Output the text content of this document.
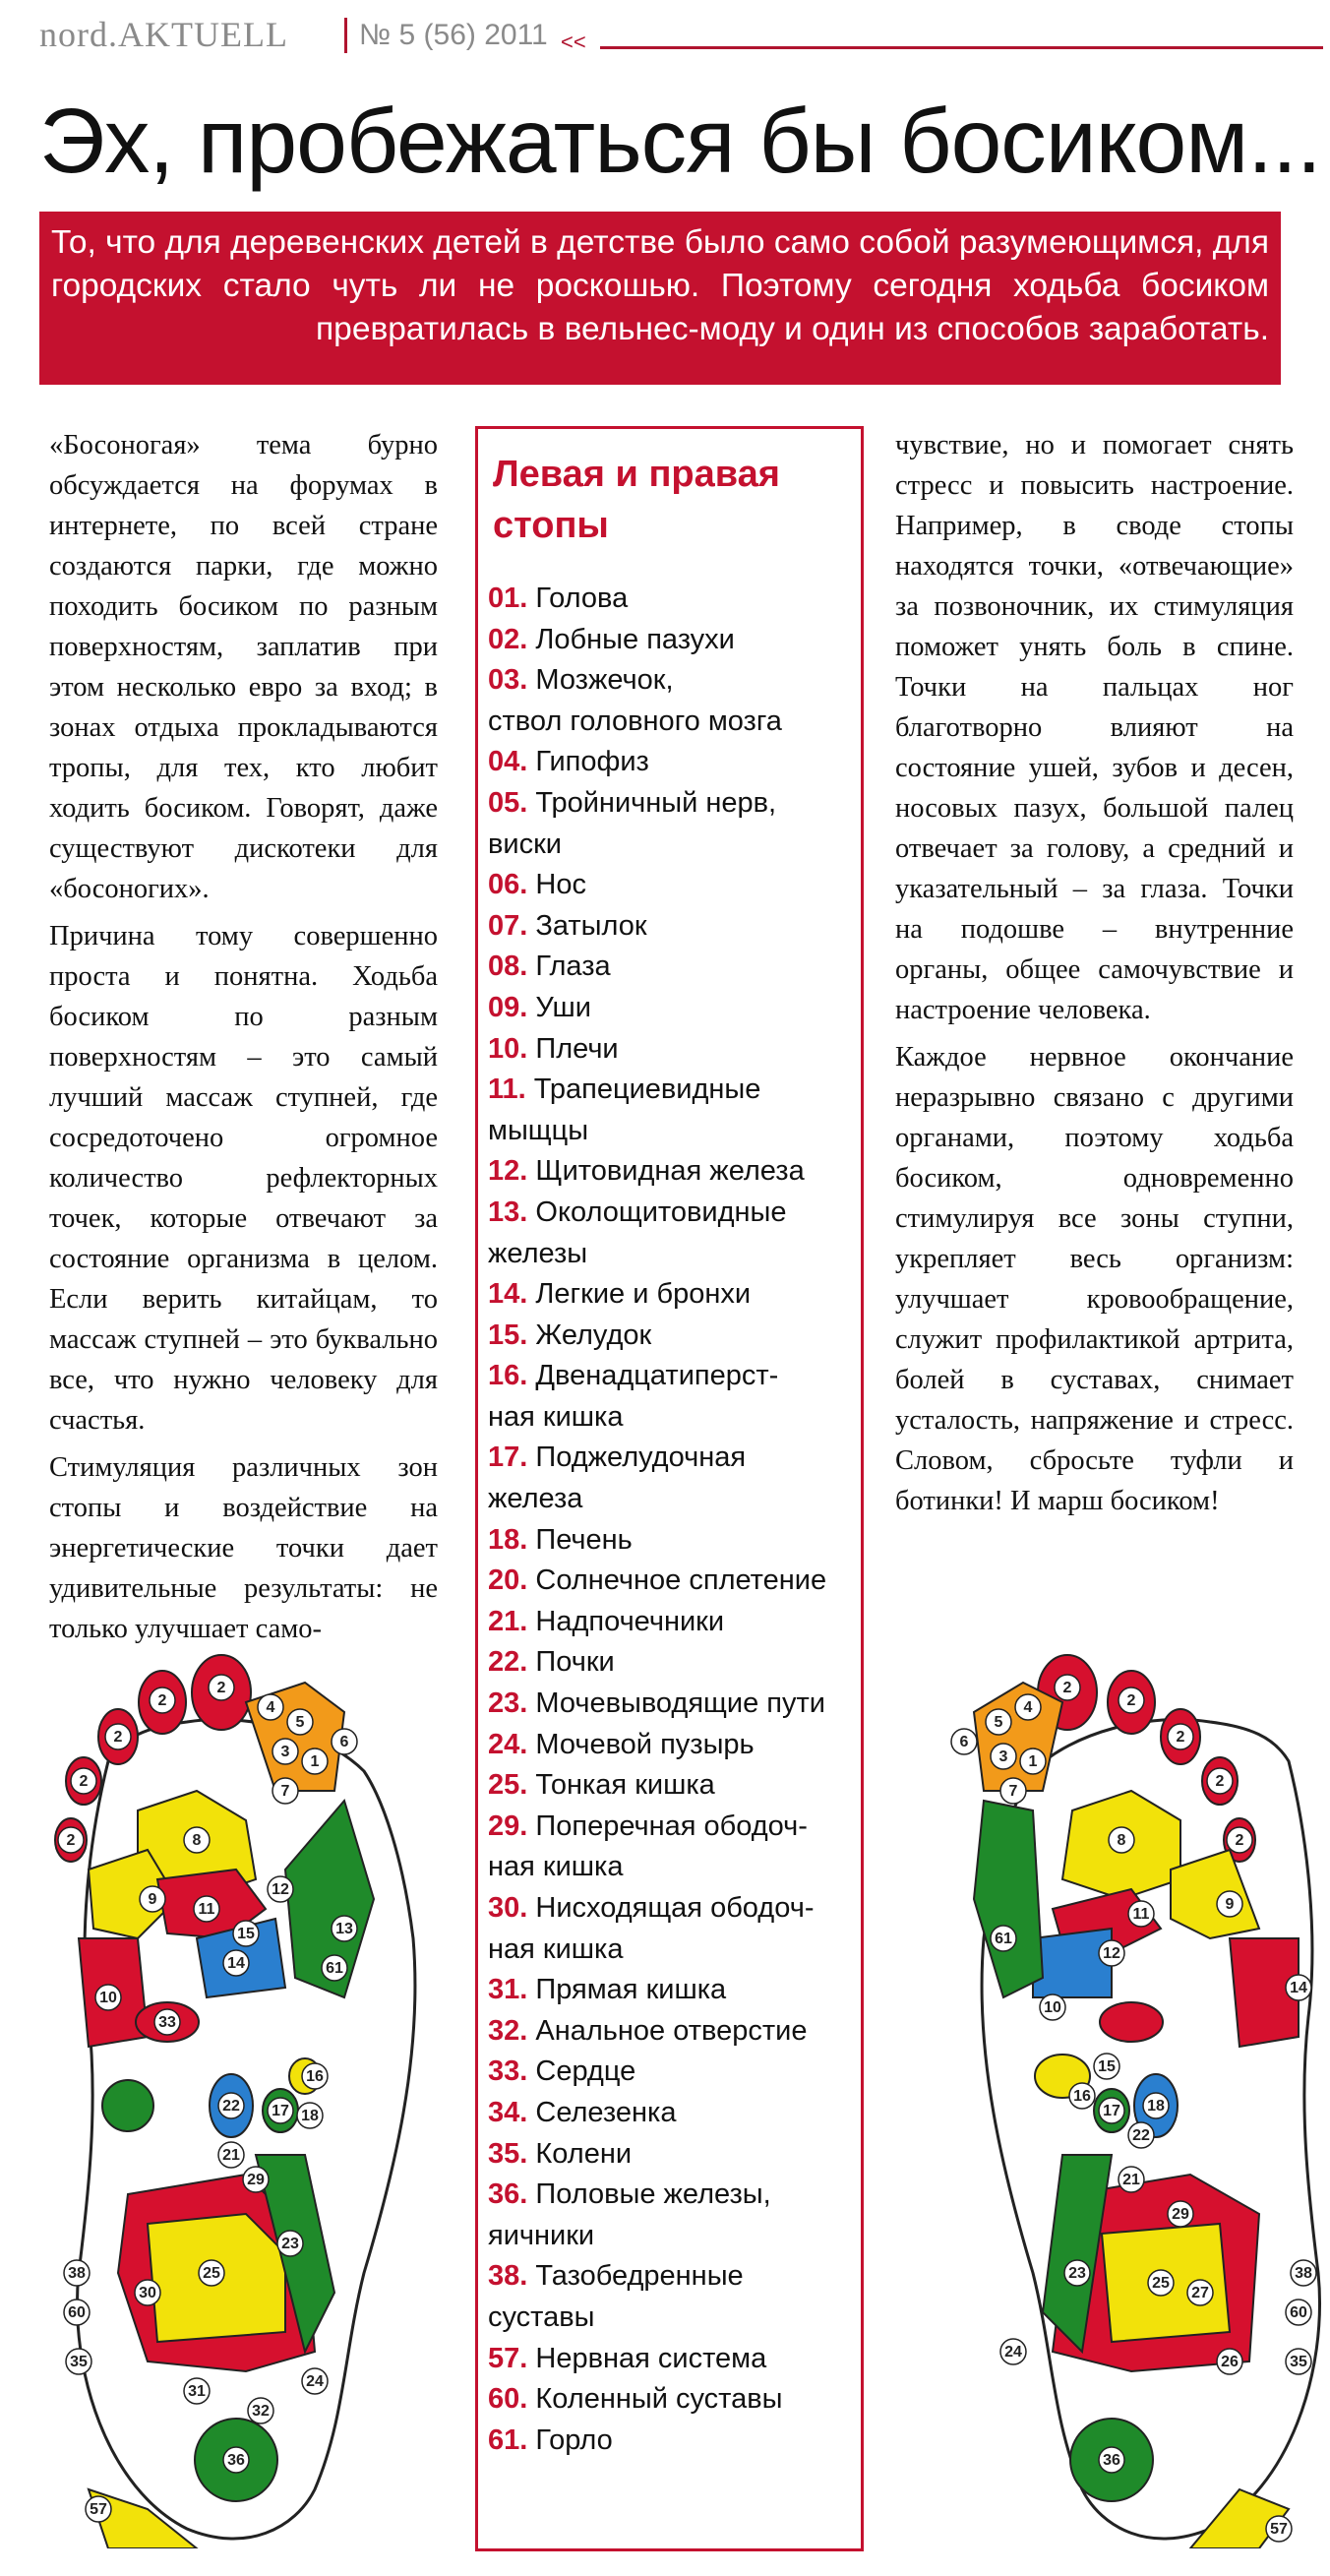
nord.AKTUELL	№ 5 (56) 2011 <<
Эх, пробежаться бы босиком...
То, что для деревенских детей в детстве было само собой разумеющимся, для городских стало чуть ли не роскошью. Поэтому сегодня ходьба босиком превратилась в вельнес-моду и один из способов заработать.

«Босоногая» тема бурно обсуждается на форумах в интернете, по всей стране создаются парки, где можно походить босиком по разным поверхностям, заплатив при этом несколько евро за вход; в зонах отдыха прокладываются тропы, для тех, кто любит ходить босиком. Говорят, даже существуют дискотеки для «босоногих».

Причина тому совершенно проста и понятна. Ходьба босиком по разным поверхностям – это самый лучший массаж ступней, где сосредоточено огромное количество рефлекторных точек, которые отвечают за состояние организма в целом. Если верить китайцам, то массаж ступней – это буквально все, что нужно человеку для счастья.

Стимуляция различных зон стопы и воздействие на энергетические точки дает удивительные результаты: не только улучшает само-

Левая и правая стопы
01. Голова
02. Лобные пазухи
03. Мозжечок,
ствол головного мозга
04. Гипофиз
05. Тройничный нерв,
виски
06. Нос
07. Затылок
08. Глаза
09. Уши
10. Плечи
11. Трапециевидные
мыщцы
12. Щитовидная железа
13. Околощитовидные
железы
14. Легкие и бронхи
15. Желудок
16. Двенадцатиперст-
ная кишка
17. Поджелудочная
железа
18. Печень
20. Солнечное сплетение
21. Надпочечники
22. Почки
23. Мочевыводящие пути
24. Мочевой пузырь
25. Тонкая кишка
29. Поперечная ободоч-
ная кишка
30. Нисходящая ободоч-
ная кишка
31. Прямая кишка
32. Анальное отверстие
33. Сердце
34. Селезенка
35. Колени
36. Половые железы,
яичники
38. Тазобедренные
суставы
57. Нервная система
60. Коленный суставы
61. Горло

чувствие, но и помогает снять стресс и повысить настроение. Например, в своде стопы находятся точки, «отвечающие» за позвоночник, их стимуляция поможет унять боль в спине. Точки на пальцах ног благотворно влияют на состояние ушей, зубов и десен, носовых пазух, большой палец отвечает за голову, а средний и указательный – за глаза. Точки на подошве – внутренние органы, общее самочувствие и настроение человека.

Каждое нервное окончание неразрывно связано с другими органами, поэтому ходьба босиком, одновременно стимулируя все зоны ступни, укрепляет весь организм: улучшает кровообращение, служит профилактикой артрита, болей в суставах, снимает усталость, напряжение и стресс. Словом, сбросьте туфли и ботинки! И марш босиком!

2
2
2
2
2
4
5
6
3
1
7
8
9
11
13
61
12
14
10
15
33
16
18
17
22
21
29
25
23
38
60
30
35
31
32
24
36
57
2
2
2
2
2
6
5
4
3 1
7
8
9
11
61
12
14
10
15
16
17 18
22
21
29
23
25
27
26
24
38
60
35
36
57
